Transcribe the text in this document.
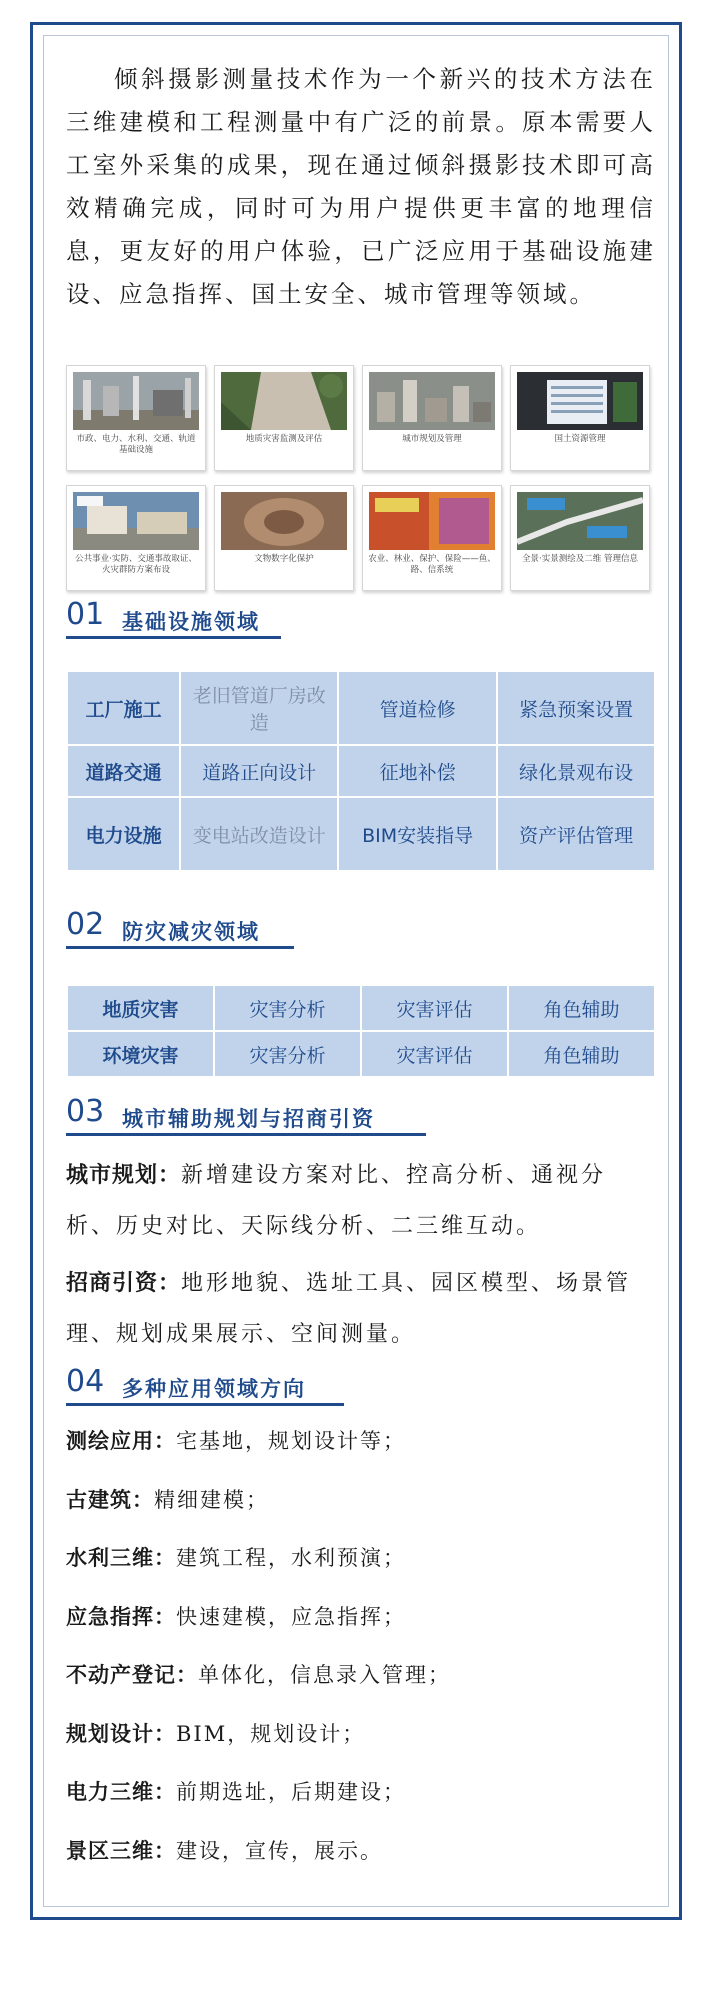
倾斜摄影测量技术作为一个新兴的技术方法在三维建模和工程测量中有广泛的前景。原本需要人工室外采集的成果，现在通过倾斜摄影技术即可高效精确完成，同时可为用户提供更丰富的地理信息，更友好的用户体验，已广泛应用于基础设施建设、应急指挥、国土安全、城市管理等领域。

市政、电力、水利、交通、轨道 基础设施
地质灾害监测及评估	城市规划及管理	国土资源管理
公共事业·实防、交通事故取证、 火灾群防方案布设
文物数字化保护	农业、林业、保护、保险——鱼、 路、信系统
全景·实景测绘及二维 管理信息
01 基础设施领域
工厂施工	老旧管道厂房改造	管道检修	紧急预案设置
道路交通	道路正向设计	征地补偿	绿化景观布设
电力设施	变电站改造设计	BIM安装指导	资产评估管理
02 防灾减灾领域
地质灾害	灾害分析	灾害评估	角色辅助
环境灾害	灾害分析	灾害评估	角色辅助
03 城市辅助规划与招商引资

城市规划：新增建设方案对比、控高分析、通视分析、历史对比、天际线分析、二三维互动。

招商引资：地形地貌、选址工具、园区模型、场景管理、规划成果展示、空间测量。

04 多种应用领域方向
测绘应用：宅基地，规划设计等；
古建筑：精细建模；
水利三维：建筑工程，水利预演；
应急指挥：快速建模，应急指挥；
不动产登记：单体化，信息录入管理；
规划设计：BIM，规划设计；
电力三维：前期选址，后期建设；
景区三维：建设，宣传，展示。
